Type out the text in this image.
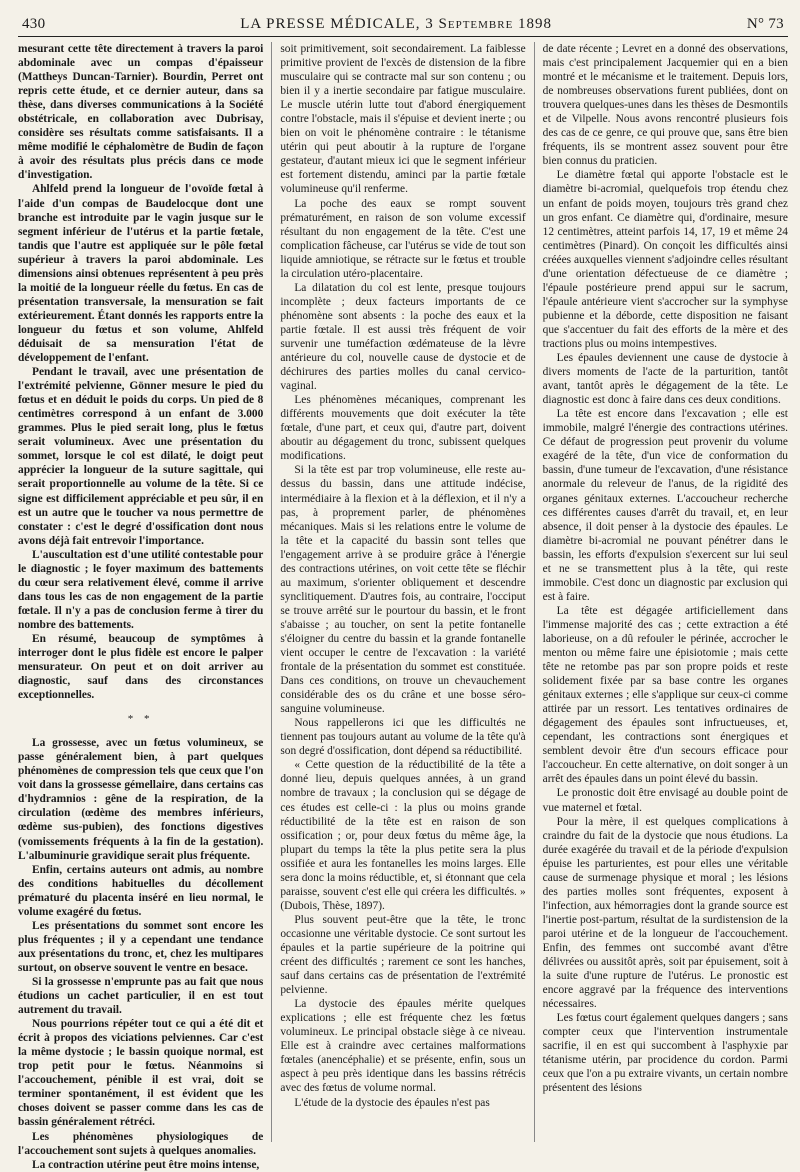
430	LA PRESSE MÉDICALE, 3 Septembre 1898	N° 73

mesurant cette tête directement à travers la paroi abdominale avec un compas d'épaisseur (Mattheys Duncan-Tarnier). Bourdin, Perret ont repris cette étude, et ce dernier auteur, dans sa thèse, dans diverses communications à la Société obstétricale, en collaboration avec Dubrisay, considère ses résultats comme satisfaisants. Il a même modifié le céphalomètre de Budin de façon à avoir des résultats plus précis dans ce mode d'investigation.

Ahlfeld prend la longueur de l'ovoïde fœtal à l'aide d'un compas de Baudelocque dont une branche est introduite par le vagin jusque sur le segment inférieur de l'utérus et la partie fœtale, tandis que l'autre est appliquée sur le pôle fœtal supérieur à travers la paroi abdominale. Les dimensions ainsi obtenues représentent à peu près la moitié de la longueur réelle du fœtus. En cas de présentation transversale, la mensuration se fait extérieurement. Étant donnés les rapports entre la longueur du fœtus et son volume, Ahlfeld déduisait de sa mensuration l'état de développement de l'enfant.

Pendant le travail, avec une présentation de l'extrémité pelvienne, Gönner mesure le pied du fœtus et en déduit le poids du corps. Un pied de 8 centimètres correspond à un enfant de 3.000 grammes. Plus le pied serait long, plus le fœtus serait volumineux. Avec une présentation du sommet, lorsque le col est dilaté, le doigt peut apprécier la longueur de la suture sagittale, qui serait proportionnelle au volume de la tête. Si ce signe est difficilement appréciable et peu sûr, il en est un autre que le toucher va nous permettre de constater : c'est le degré d'ossification dont nous avons déjà fait entrevoir l'importance.

L'auscultation est d'une utilité contestable pour le diagnostic ; le foyer maximum des battements du cœur sera relativement élevé, comme il arrive dans tous les cas de non engagement de la partie fœtale. Il n'y a pas de conclusion ferme à tirer du nombre des battements.

En résumé, beaucoup de symptômes à interroger dont le plus fidèle est encore le palper mensurateur. On peut et on doit arriver au diagnostic, sauf dans des circonstances exceptionnelles.

* *

La grossesse, avec un fœtus volumineux, se passe généralement bien, à part quelques phénomènes de compression tels que ceux que l'on voit dans la grossesse gémellaire, dans certains cas d'hydramnios : gêne de la respiration, de la circulation (œdème des membres inférieurs, œdème sus-pubien), des fonctions digestives (vomissements fréquents à la fin de la gestation). L'albuminurie gravidique serait plus fréquente.

Enfin, certains auteurs ont admis, au nombre des conditions habituelles du décollement prématuré du placenta inséré en lieu normal, le volume exagéré du fœtus.

Les présentations du sommet sont encore les plus fréquentes ; il y a cependant une tendance aux présentations du tronc, et, chez les multipares surtout, on observe souvent le ventre en besace.

Si la grossesse n'emprunte pas au fait que nous étudions un cachet particulier, il en est tout autrement du travail.

Nous pourrions répéter tout ce qui a été dit et écrit à propos des viciations pelviennes. Car c'est la même dystocie ; le bassin quoique normal, est trop petit pour le fœtus. Néanmoins si l'accouchement, pénible il est vrai, doit se terminer spontanément, il est évident que les choses doivent se passer comme dans les cas de bassin généralement rétréci.

Les phénomènes physiologiques de l'accouchement sont sujets à quelques anomalies.

La contraction utérine peut être moins intense,

soit primitivement, soit secondairement. La faiblesse primitive provient de l'excès de distension de la fibre musculaire qui se contracte mal sur son contenu ; ou bien il y a inertie secondaire par fatigue musculaire. Le muscle utérin lutte tout d'abord énergiquement contre l'obstacle, mais il s'épuise et devient inerte ; ou bien on voit le phénomène contraire : le tétanisme utérin qui peut aboutir à la rupture de l'organe gestateur, d'autant mieux ici que le segment inférieur est fortement distendu, aminci par la partie fœtale volumineuse qu'il renferme.

La poche des eaux se rompt souvent prématurément, en raison de son volume excessif résultant du non engagement de la tête. C'est une complication fâcheuse, car l'utérus se vide de tout son liquide amniotique, se rétracte sur le fœtus et trouble la circulation utéro-placentaire.

La dilatation du col est lente, presque toujours incomplète ; deux facteurs importants de ce phénomène sont absents : la poche des eaux et la partie fœtale. Il est aussi très fréquent de voir survenir une tuméfaction œdémateuse de la lèvre antérieure du col, nouvelle cause de dystocie et de déchirures des parties molles du canal cervico-vaginal.

Les phénomènes mécaniques, comprenant les différents mouvements que doit exécuter la tête fœtale, d'une part, et ceux qui, d'autre part, doivent aboutir au dégagement du tronc, subissent quelques modifications.

Si la tête est par trop volumineuse, elle reste au-dessus du bassin, dans une attitude indécise, intermédiaire à la flexion et à la déflexion, et il n'y a pas, à proprement parler, de phénomènes mécaniques. Mais si les relations entre le volume de la tête et la capacité du bassin sont telles que l'engagement arrive à se produire grâce à l'énergie des contractions utérines, on voit cette tête se fléchir au maximum, s'orienter obliquement et descendre synclitiquement. D'autres fois, au contraire, l'occiput se trouve arrêté sur le pourtour du bassin, et le front s'abaisse ; au toucher, on sent la petite fontanelle s'éloigner du centre du bassin et la grande fontanelle vient occuper le centre de l'excavation : la variété frontale de la présentation du sommet est constituée. Dans ces conditions, on trouve un chevauchement considérable des os du crâne et une bosse séro-sanguine volumineuse.

Nous rappellerons ici que les difficultés ne tiennent pas toujours autant au volume de la tête qu'à son degré d'ossification, dont dépend sa réductibilité.

« Cette question de la réductibilité de la tête a donné lieu, depuis quelques années, à un grand nombre de travaux ; la conclusion qui se dégage de ces études est celle-ci : la plus ou moins grande réductibilité de la tête est en raison de son ossification ; or, pour deux fœtus du même âge, la plupart du temps la tête la plus petite sera la plus ossifiée et aura les fontanelles les moins larges. Elle sera donc la moins réductible, et, si étonnant que cela paraisse, souvent c'est elle qui créera les difficultés. » (Dubois, Thèse, 1897).

Plus souvent peut-être que la tête, le tronc occasionne une véritable dystocie. Ce sont surtout les épaules et la partie supérieure de la poitrine qui créent des difficultés ; rarement ce sont les hanches, sauf dans certains cas de présentation de l'extrémité pelvienne.

La dystocie des épaules mérite quelques explications ; elle est fréquente chez les fœtus volumineux. Le principal obstacle siège à ce niveau. Elle est à craindre avec certaines malformations fœtales (anencéphalie) et se présente, enfin, sous un aspect à peu près identique dans les bassins rétrécis avec des fœtus de volume normal.

L'étude de la dystocie des épaules n'est pas

de date récente ; Levret en a donné des observations, mais c'est principalement Jacquemier qui en a bien montré et le mécanisme et le traitement. Depuis lors, de nombreuses observations furent publiées, dont on trouvera quelques-unes dans les thèses de Desmontils et de Vilpelle. Nous avons rencontré plusieurs fois des cas de ce genre, ce qui prouve que, sans être bien fréquents, ils se montrent assez souvent pour être bien connus du praticien.

Le diamètre fœtal qui apporte l'obstacle est le diamètre bi-acromial, quelquefois trop étendu chez un enfant de poids moyen, toujours très grand chez un gros enfant. Ce diamètre qui, d'ordinaire, mesure 12 centimètres, atteint parfois 14, 17, 19 et même 24 centimètres (Pinard). On conçoit les difficultés ainsi créées auxquelles viennent s'adjoindre celles résultant d'une orientation défectueuse de ce diamètre ; l'épaule postérieure prend appui sur le sacrum, l'épaule antérieure vient s'accrocher sur la symphyse pubienne et la déborde, cette disposition ne faisant que s'accentuer du fait des efforts de la mère et des tractions plus ou moins intempestives.

Les épaules deviennent une cause de dystocie à divers moments de l'acte de la parturition, tantôt avant, tantôt après le dégagement de la tête. Le diagnostic est donc à faire dans ces deux conditions.

La tête est encore dans l'excavation ; elle est immobile, malgré l'énergie des contractions utérines. Ce défaut de progression peut provenir du volume exagéré de la tête, d'un vice de conformation du bassin, d'une tumeur de l'excavation, d'une résistance anormale du releveur de l'anus, de la rigidité des organes génitaux externes. L'accoucheur recherche ces différentes causes d'arrêt du travail, et, en leur absence, il doit penser à la dystocie des épaules. Le diamètre bi-acromial ne pouvant pénétrer dans le bassin, les efforts d'expulsion s'exercent sur lui seul et ne se transmettent plus à la tête, qui reste immobile. C'est donc un diagnostic par exclusion qui est à faire.

La tête est dégagée artificiellement dans l'immense majorité des cas ; cette extraction a été laborieuse, on a dû refouler le périnée, accrocher le menton ou même faire une épisiotomie ; mais cette tête ne retombe pas par son propre poids et reste solidement fixée par sa base contre les organes génitaux externes ; elle s'applique sur ceux-ci comme attirée par un ressort. Les tentatives ordinaires de dégagement des épaules sont infructueuses, et, cependant, les contractions sont énergiques et semblent devoir être d'un secours efficace pour l'accoucheur. En cette alternative, on doit songer à un arrêt des épaules dans un point élevé du bassin.

Le pronostic doit être envisagé au double point de vue maternel et fœtal.

Pour la mère, il est quelques complications à craindre du fait de la dystocie que nous étudions. La durée exagérée du travail et de la période d'expulsion épuise les parturientes, est pour elles une véritable cause de surmenage physique et moral ; les lésions des parties molles sont fréquentes, exposent à l'infection, aux hémorragies dont la grande source est l'inertie post-partum, résultat de la surdistension de la paroi utérine et de la longueur de l'accouchement. Enfin, des femmes ont succombé avant d'être délivrées ou aussitôt après, soit par épuisement, soit à la suite d'une rupture de l'utérus. Le pronostic est encore aggravé par la fréquence des interventions nécessaires.

Les fœtus court également quelques dangers ; sans compter ceux que l'intervention instrumentale sacrifie, il en est qui succombent à l'asphyxie par tétanisme utérin, par procidence du cordon. Parmi ceux que l'on a pu extraire vivants, un certain nombre présentent des lésions
